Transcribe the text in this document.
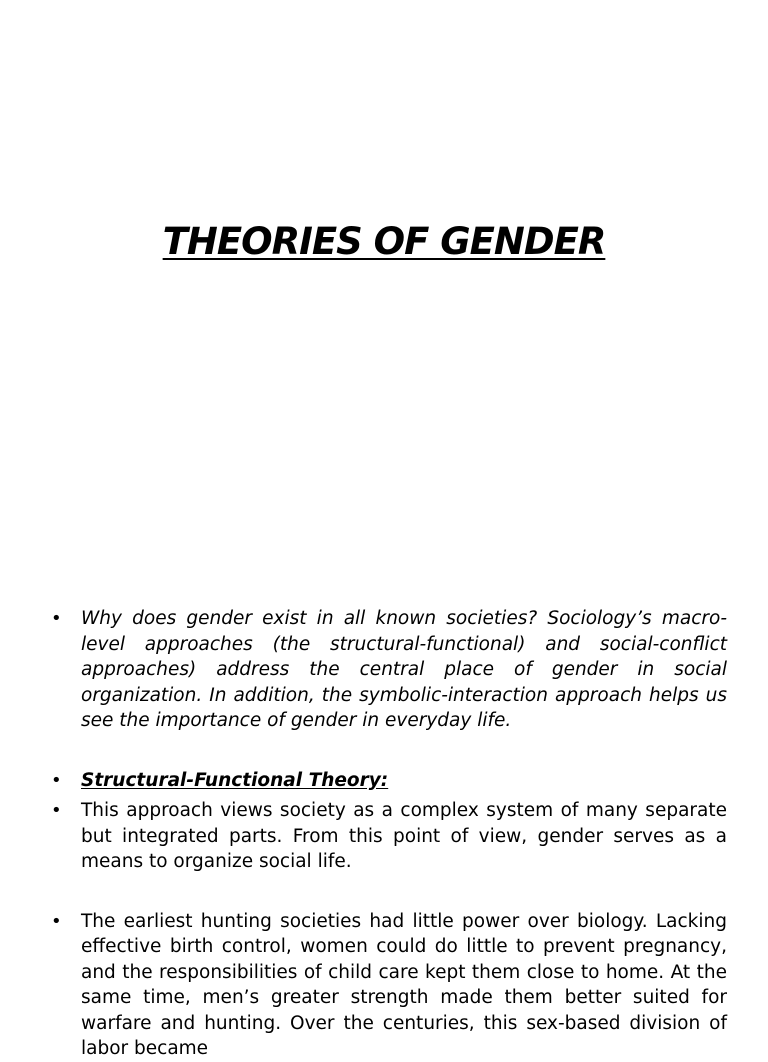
THEORIES OF GENDER
• Why does gender exist in all known societies? Sociology’s macro-level approaches (the structural-functional) and social-conflict approaches) address the central place of gender in social organization. In addition, the symbolic-interaction approach helps us see the importance of gender in everyday life.
• Structural-Functional Theory:
• This approach views society as a complex system of many separate but integrated parts. From this point of view, gender serves as a means to organize social life.
• The earliest hunting societies had little power over biology. Lacking effective birth control, women could do little to prevent pregnancy, and the responsibilities of child care kept them close to home. At the same time, men’s greater strength made them better suited for warfare and hunting. Over the centuries, this sex-based division of labor became
